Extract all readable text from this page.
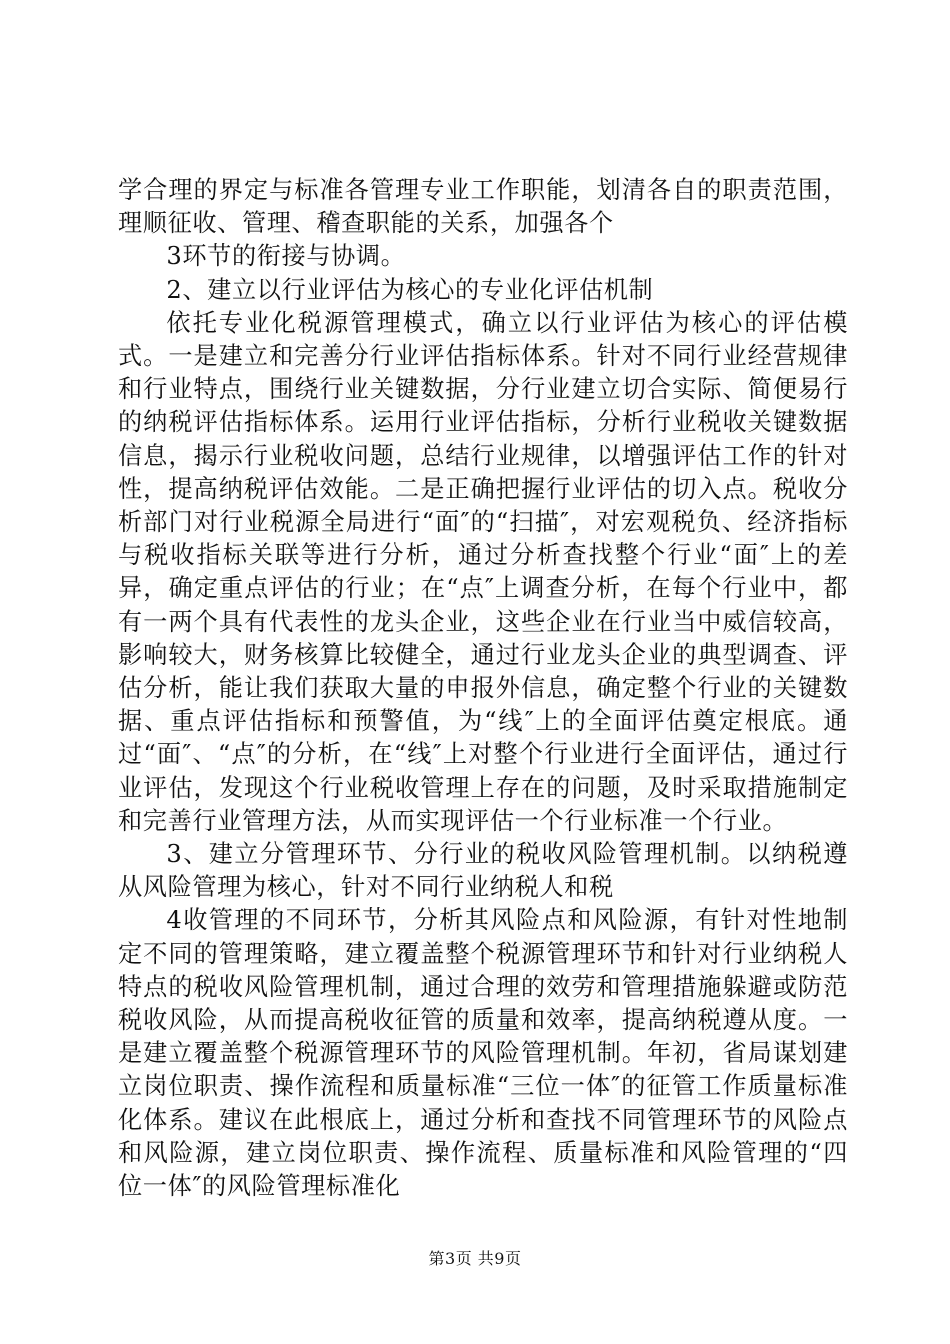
学合理的界定与标准各管理专业工作职能，划清各自的职责范围，理顺征收、管理、稽查职能的关系，加强各个

3环节的衔接与协调。

2、建立以行业评估为核心的专业化评估机制

依托专业化税源管理模式，确立以行业评估为核心的评估模式。一是建立和完善分行业评估指标体系。针对不同行业经营规律和行业特点，围绕行业关键数据，分行业建立切合实际、简便易行的纳税评估指标体系。运用行业评估指标，分析行业税收关键数据信息，揭示行业税收问题，总结行业规律，以增强评估工作的针对性，提高纳税评估效能。二是正确把握行业评估的切入点。税收分析部门对行业税源全局进行“面″的“扫描″，对宏观税负、经济指标与税收指标关联等进行分析，通过分析查找整个行业“面″上的差异，确定重点评估的行业；在“点″上调查分析，在每个行业中，都有一两个具有代表性的龙头企业，这些企业在行业当中威信较高，影响较大，财务核算比较健全，通过行业龙头企业的典型调查、评估分析，能让我们获取大量的申报外信息，确定整个行业的关键数据、重点评估指标和预警值，为“线″上的全面评估奠定根底。通过“面″、“点″的分析，在“线″上对整个行业进行全面评估，通过行业评估，发现这个行业税收管理上存在的问题，及时采取措施制定和完善行业管理方法，从而实现评估一个行业标准一个行业。

3、建立分管理环节、分行业的税收风险管理机制。以纳税遵从风险管理为核心，针对不同行业纳税人和税

4收管理的不同环节，分析其风险点和风险源，有针对性地制定不同的管理策略，建立覆盖整个税源管理环节和针对行业纳税人特点的税收风险管理机制，通过合理的效劳和管理措施躲避或防范税收风险，从而提高税收征管的质量和效率，提高纳税遵从度。一是建立覆盖整个税源管理环节的风险管理机制。年初，省局谋划建立岗位职责、操作流程和质量标准“三位一体″的征管工作质量标准化体系。建议在此根底上，通过分析和查找不同管理环节的风险点和风险源，建立岗位职责、操作流程、质量标准和风险管理的“四位一体″的风险管理标准化

第3页 共9页
